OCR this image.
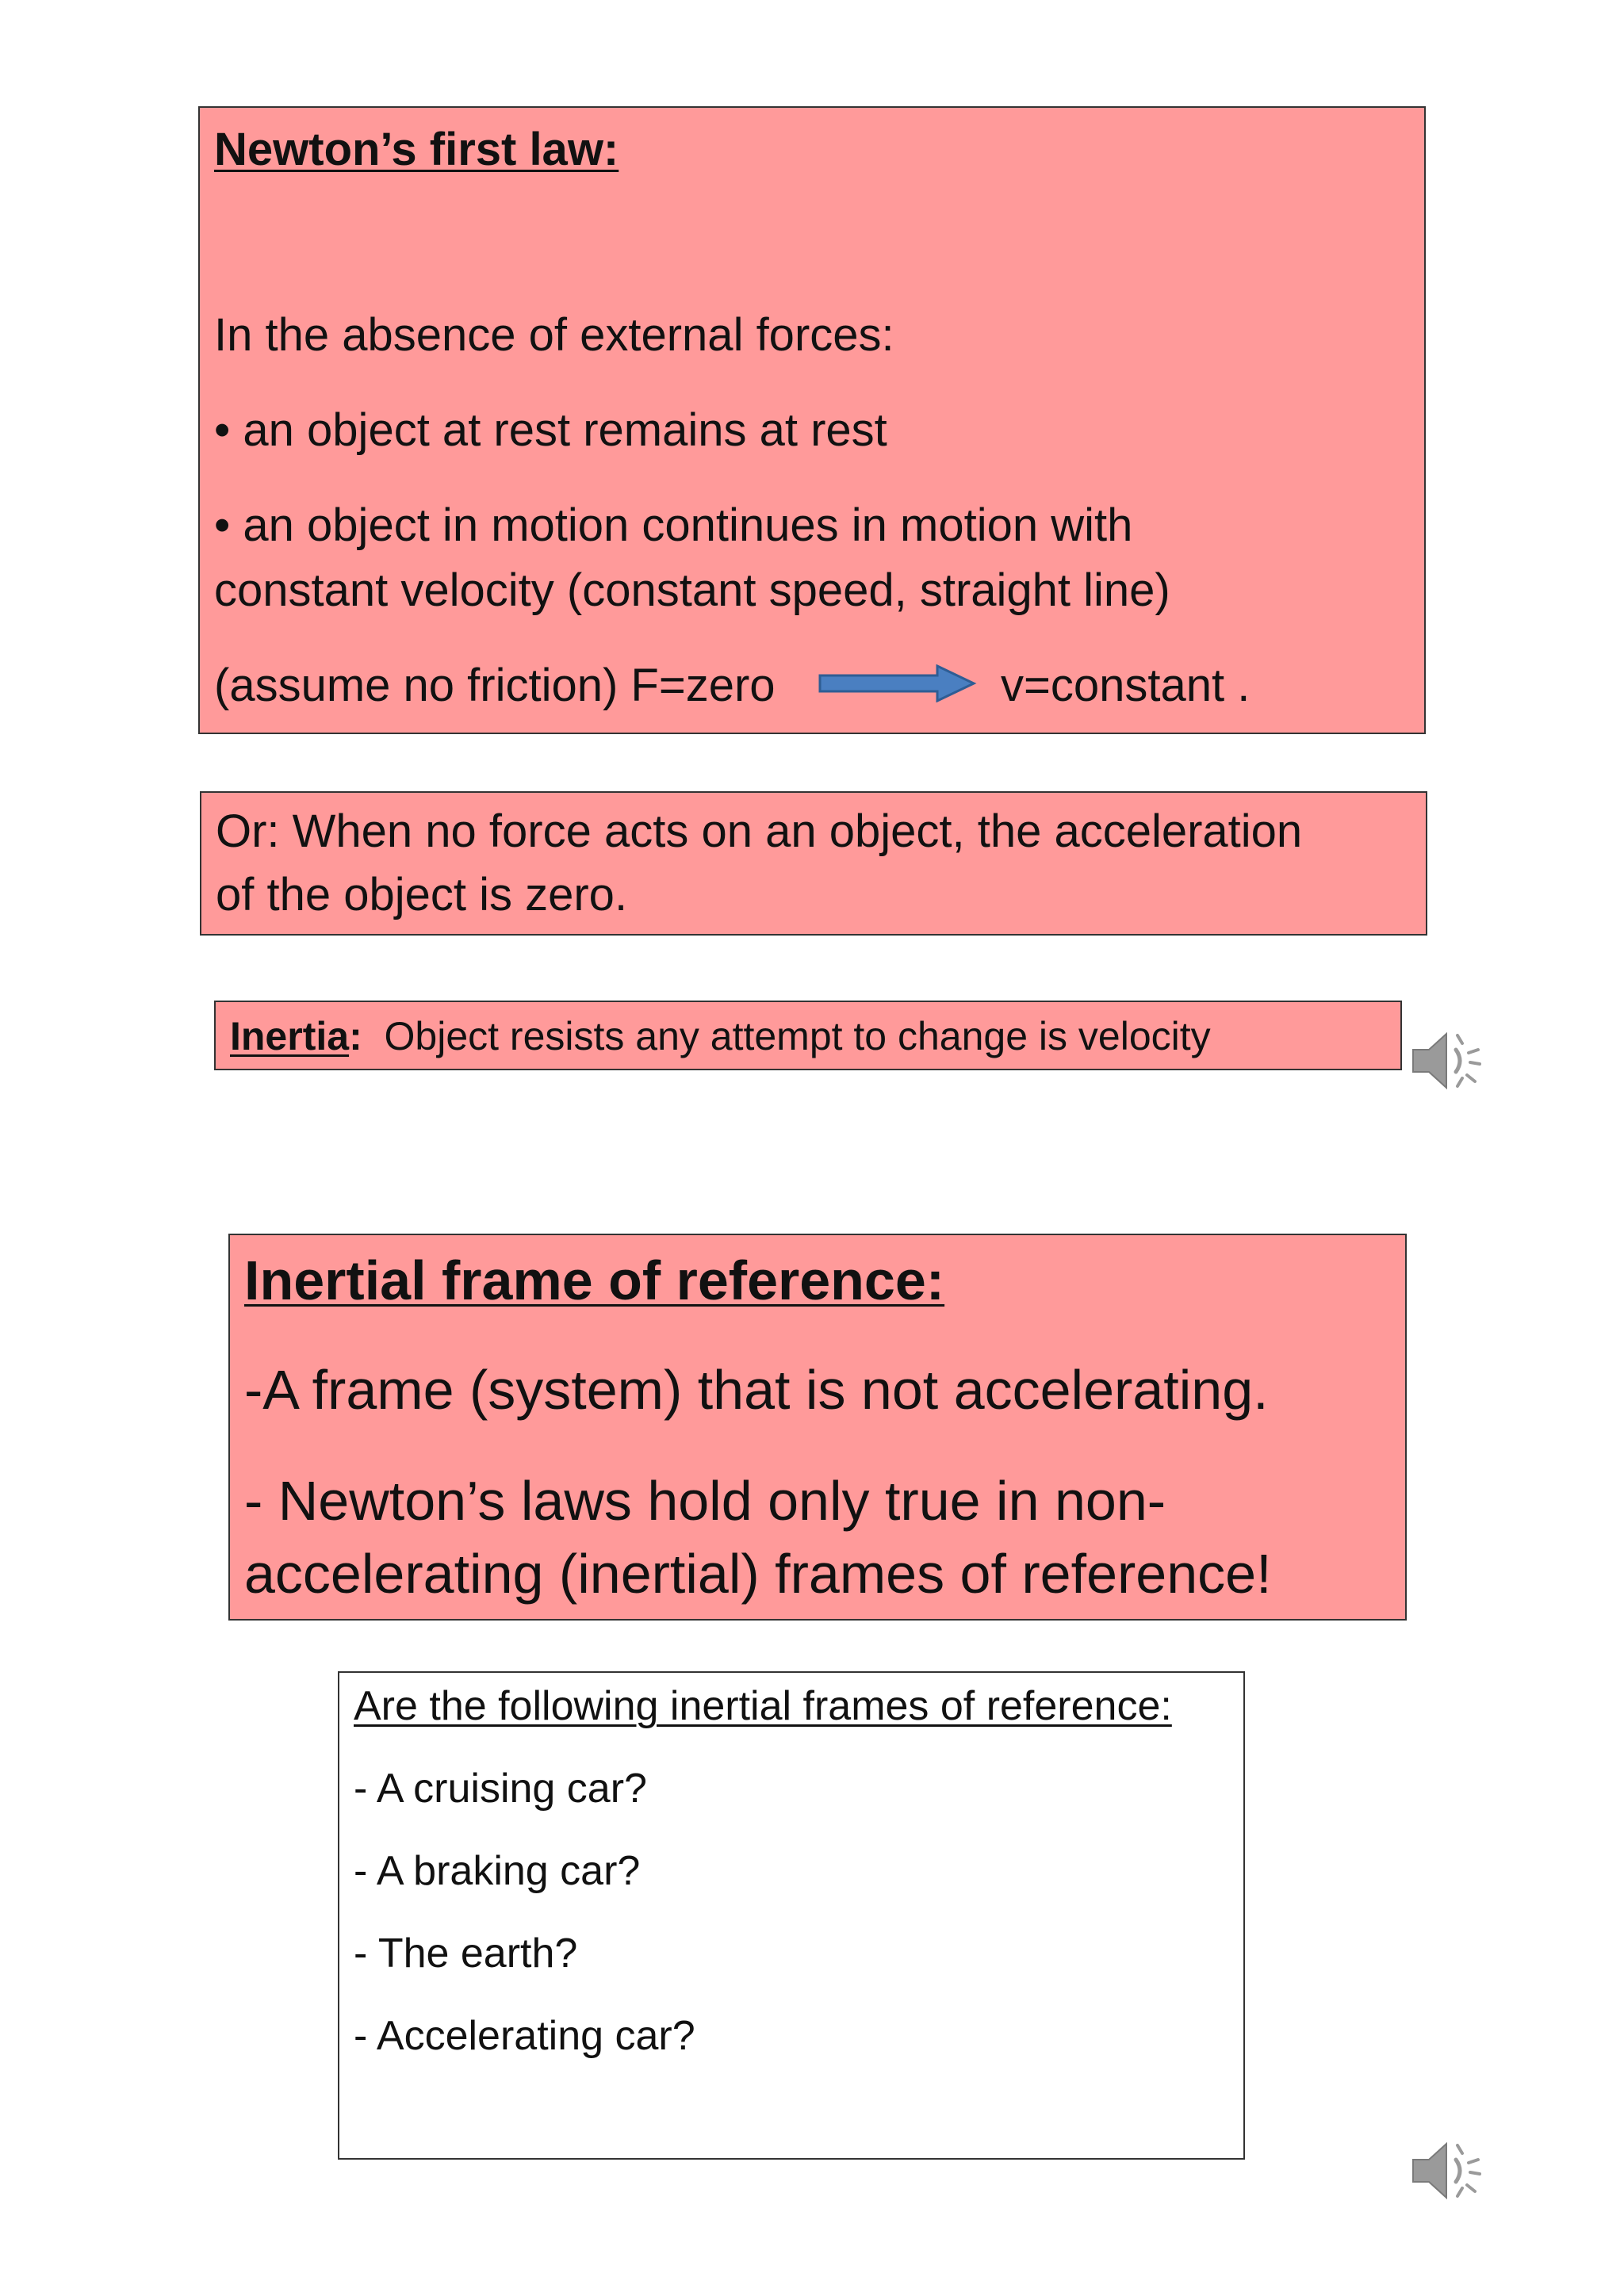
Newton’s first law:
In the absence of external forces:
• an object at rest remains at rest
• an object in motion continues in motion with
constant velocity (constant speed, straight line)
(assume no friction) F=zero	v=constant .
Or: When no force acts on an object, the acceleration
of the object is zero.
Inertia: Object resists any attempt to change is velocity
Inertial frame of reference:
-A frame (system) that is not accelerating.
- Newton’s laws hold only true in non-
accelerating (inertial) frames of reference!
Are the following inertial frames of reference:
- A cruising car?
- A braking car?
- The earth?
- Accelerating car?
